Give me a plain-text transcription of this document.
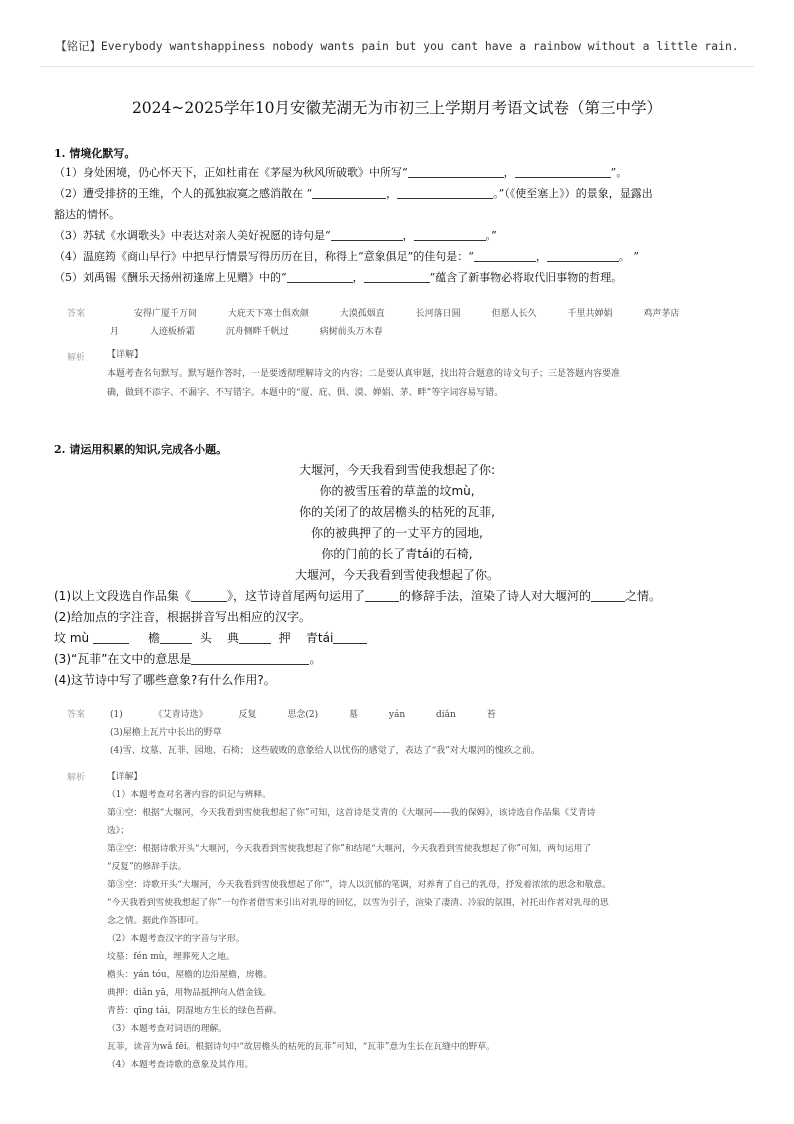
【铭记】Everybody wantshappiness nobody wants pain but you cant have a rainbow without a little rain.
2024~2025学年10月安徽芜湖无为市初三上学期月考语文试卷（第三中学）
1. 情境化默写。
（1）身处困境，仍心怀天下，正如杜甫在《茅屋为秋风所破歌》中所写“	，	”。
（2）遭受排挤的王维，个人的孤独寂寞之感消散在 “	，	。”（《使至塞上》）的景象，显露出
豁达的情怀。
（3）苏轼《水调歌头》中表达对亲人美好祝愿的诗句是“	，	。”
（4）温庭筠《商山早行》中把早行情景写得历历在目，称得上“意象俱足”的佳句是：“	，	。 ”
（5）刘禹锡《酬乐天扬州初逢席上见赠》中的“	，	”蕴含了新事物必将取代旧事物的哲理。
答案	安得广厦千万间	大庇天下寒士俱欢颜	大漠孤烟直	长河落日圆	但愿人长久	千里共婵娟	鸡声茅店
月	人迹板桥霜	沉舟侧畔千帆过	病树前头万木春
解析 【详解】
本题考查名句默写。默写题作答时，一是要透彻理解诗文的内容；二是要认真审题，找出符合题意的诗文句子；三是答题内容要准
确，做到不添字、不漏字、不写错字。本题中的“厦、庇、俱、漠、婵娟、茅、畔”等字词容易写错。
2. 请运用积累的知识,完成各小题。
大堰河，今天我看到雪使我想起了你:
你的被雪压着的草盖的坟mù,
你的关闭了的故居檐头的枯死的瓦菲,
你的被典押了的一丈平方的园地,
你的门前的长了青tái的石椅,
大堰河，今天我看到雪使我想起了你。
(1)以上文段选自作品集《	》，这节诗首尾两句运用了	的修辞手法，渲染了诗人对大堰河的	之情。
(2)给加点的字注音，根据拼音写出相应的汉字。
坟 mù	檐	头 典	押 青tái
(3)“瓦菲”在文中的意思是	。
(4)这节诗中写了哪些意象?有什么作用?。
答案	(1)	《艾青诗选》	反复	思念(2)	墓	yán	diǎn	苔
(3)屋檐上瓦片中长出的野草
(4)雪、坟墓、瓦菲、园地、石椅； 这些破败的意象给人以忧伤的感觉了，表达了“我”对大堰河的愧疚之前。
解析 【详解】
（1）本题考查对名著内容的识记与辨释。
第①空：根据“大堰河，今天我看到雪使我想起了你”可知，这首诗是艾青的《大堰河——我的保姆》，该诗选自作品集《艾青诗
选》；
第②空：根据诗歌开头“大堰河，今天我看到雪使我想起了你”和结尾“大堰河，今天我看到雪使我想起了你”可知，两句运用了
“反复”的修辞手法。
第③空：诗歌开头“大堰河，今天我看到雪使我想起了你'”，诗人以沉郁的笔调，对养育了自己的乳母，抒发着浓浓的思念和敬意。
“今天我看到雪使我想起了你”一句作者借雪来引出对乳母的回忆，以雪为引子，渲染了凄清、冷寂的氛围，衬托出作者对乳母的思
念之情。据此作答即可。
（2）本题考查汉字的字音与字形。
坟墓：fén mù，埋葬死人之地。
檐头：yán tóu，屋檐的边沿屋檐，房檐。
典押：diǎn yā，用物品抵押向人借金钱。
青苔：qīng tái，阴湿地方生长的绿色苔藓。
（3）本题考查对词语的理解。
瓦菲，读音为wǎ fēi。根据诗句中“故居檐头的枯死的瓦菲”可知，“瓦菲”意为生长在瓦缝中的野草。
（4）本题考查诗歌的意象及其作用。
